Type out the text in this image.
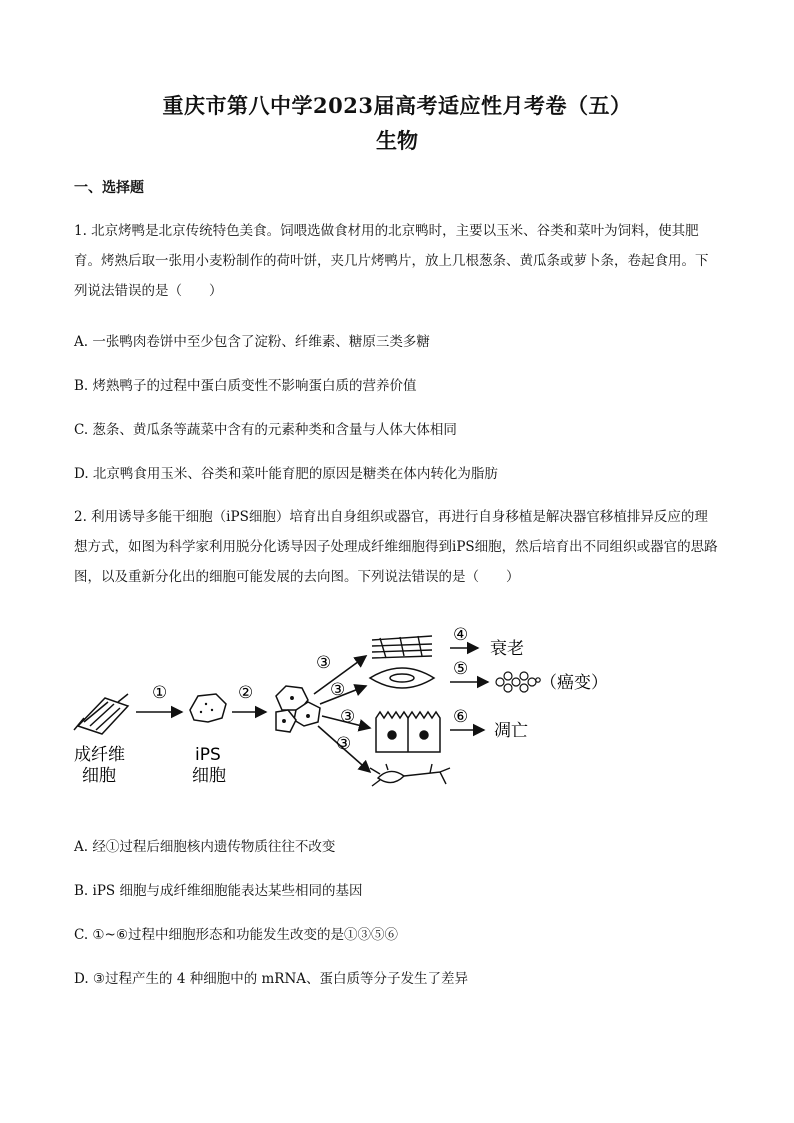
重庆市第八中学2023届高考适应性月考卷（五）
生物
一、选择题
1. 北京烤鸭是北京传统特色美食。饲喂选做食材用的北京鸭时，主要以玉米、谷类和菜叶为饲料，使其肥育。烤熟后取一张用小麦粉制作的荷叶饼，夹几片烤鸭片，放上几根葱条、黄瓜条或萝卜条，卷起食用。下列说法错误的是（　　）
A. 一张鸭肉卷饼中至少包含了淀粉、纤维素、糖原三类多糖
B. 烤熟鸭子的过程中蛋白质变性不影响蛋白质的营养价值
C. 葱条、黄瓜条等蔬菜中含有的元素种类和含量与人体大体相同
D. 北京鸭食用玉米、谷类和菜叶能育肥的原因是糖类在体内转化为脂肪
2. 利用诱导多能干细胞（iPS细胞）培育出自身组织或器官，再进行自身移植是解决器官移植排异反应的理想方式，如图为科学家利用脱分化诱导因子处理成纤维细胞得到iPS细胞，然后培育出不同组织或器官的思路图，以及重新分化出的细胞可能发展的去向图。下列说法错误的是（　　）
成纤维
细胞
①
iPS
细胞
②
③
③
③
③
④
衰老
⑤
（癌变）
⑥
凋亡
A. 经①过程后细胞核内遗传物质往往不改变
B. iPS 细胞与成纤维细胞能表达某些相同的基因
C. ①~⑥过程中细胞形态和功能发生改变的是①③⑤⑥
D. ③过程产生的 4 种细胞中的 mRNA、蛋白质等分子发生了差异
